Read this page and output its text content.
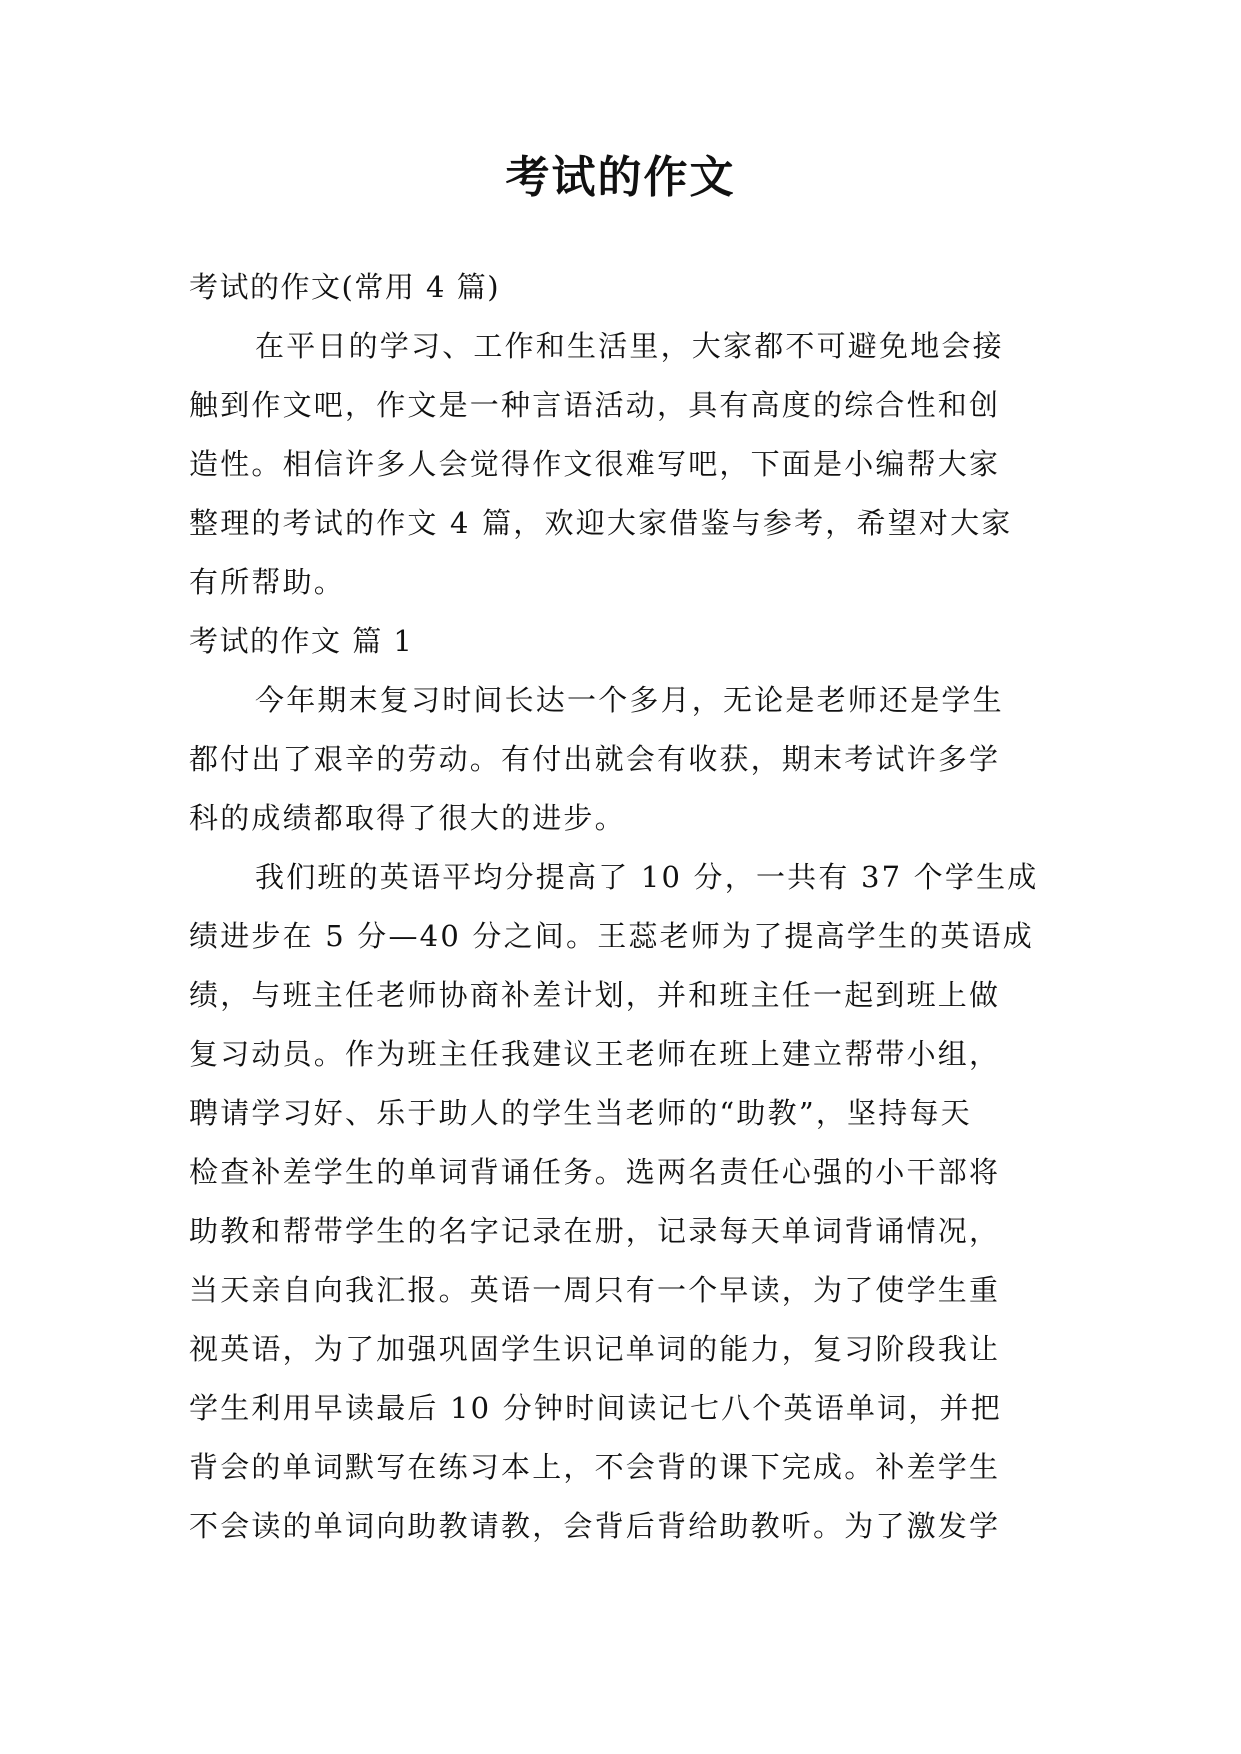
考试的作文

考试的作文(常用 4 篇)

在平日的学习、工作和生活里，大家都不可避免地会接

触到作文吧，作文是一种言语活动，具有高度的综合性和创

造性。相信许多人会觉得作文很难写吧，下面是小编帮大家

整理的考试的作文 4 篇，欢迎大家借鉴与参考，希望对大家

有所帮助。

考试的作文 篇 1

今年期末复习时间长达一个多月，无论是老师还是学生

都付出了艰辛的劳动。有付出就会有收获，期末考试许多学

科的成绩都取得了很大的进步。

我们班的英语平均分提高了 10 分，一共有 37 个学生成

绩进步在 5 分—40 分之间。王蕊老师为了提高学生的英语成

绩，与班主任老师协商补差计划，并和班主任一起到班上做

复习动员。作为班主任我建议王老师在班上建立帮带小组，

聘请学习好、乐于助人的学生当老师的“助教”，坚持每天

检查补差学生的单词背诵任务。选两名责任心强的小干部将

助教和帮带学生的名字记录在册，记录每天单词背诵情况，

当天亲自向我汇报。英语一周只有一个早读，为了使学生重

视英语，为了加强巩固学生识记单词的能力，复习阶段我让

学生利用早读最后 10 分钟时间读记七八个英语单词，并把

背会的单词默写在练习本上，不会背的课下完成。补差学生

不会读的单词向助教请教，会背后背给助教听。为了激发学
